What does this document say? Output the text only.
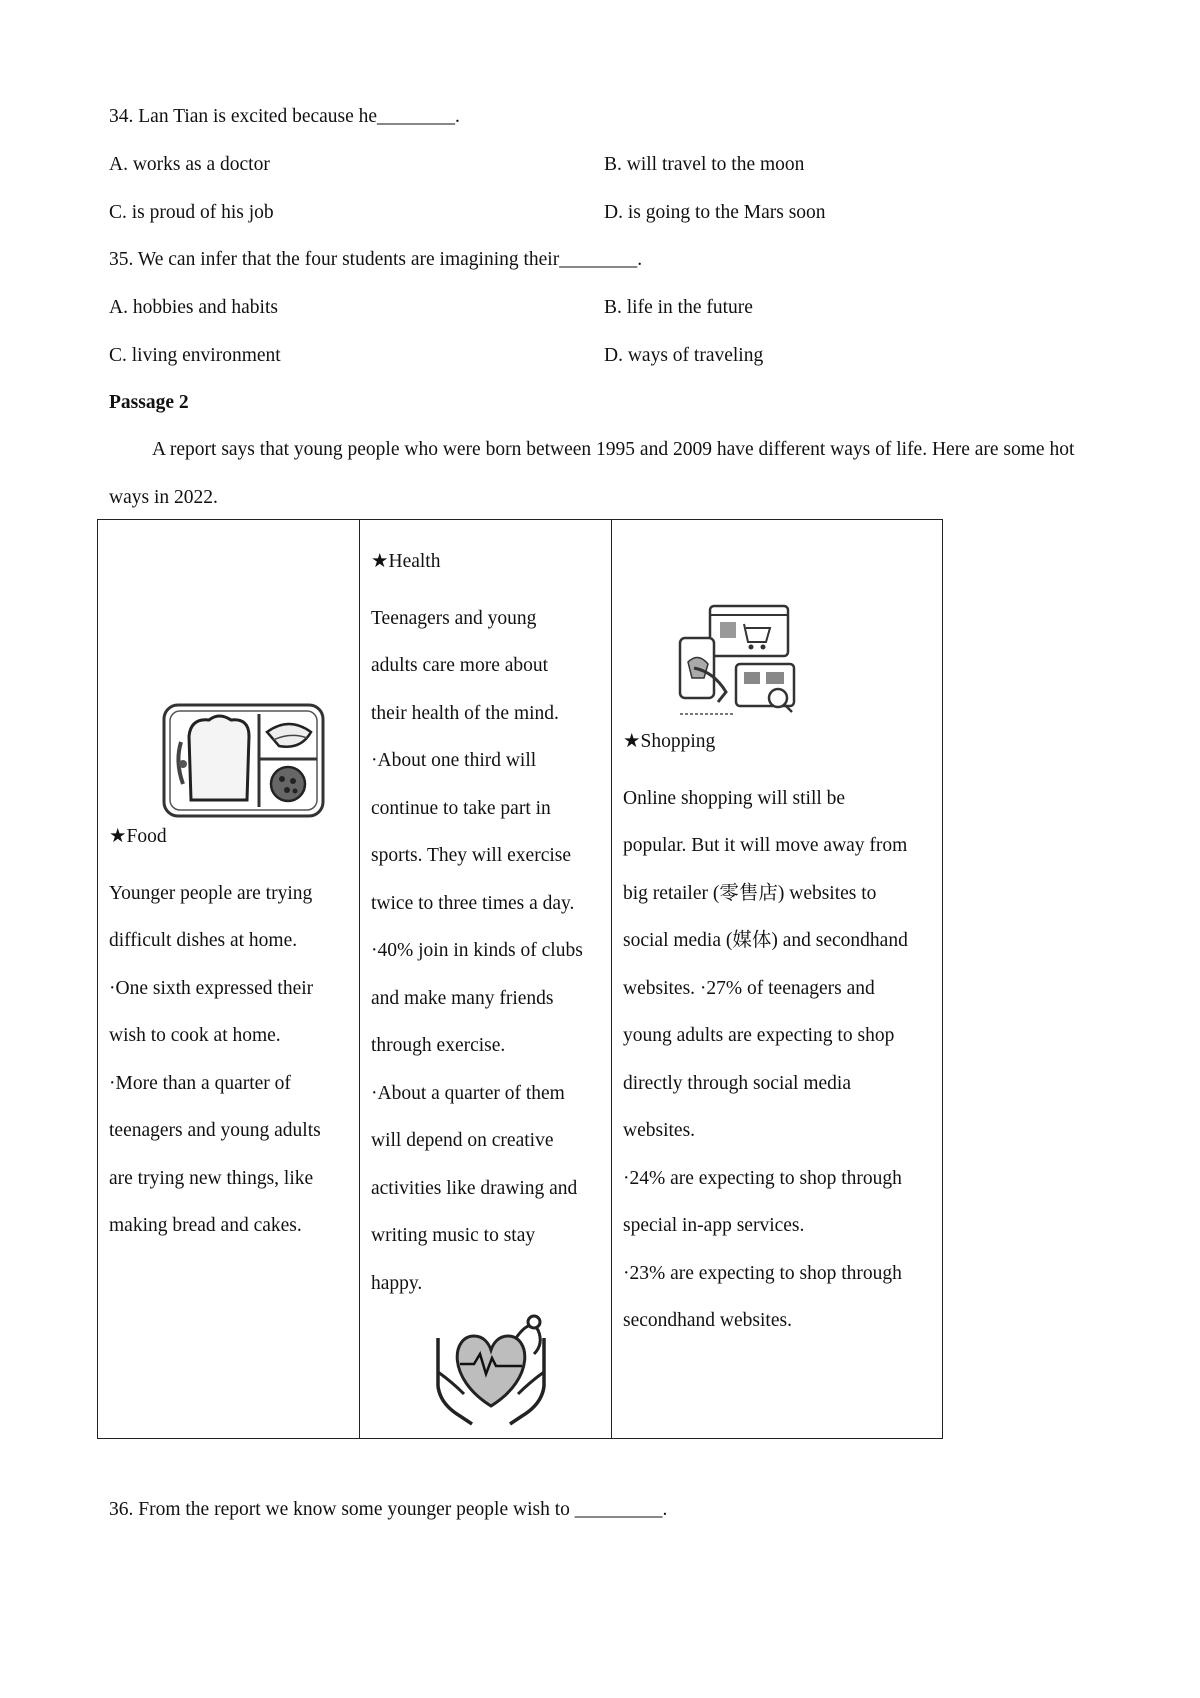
34. Lan Tian is excited because he________.
A. works as a doctor	B. will travel to the moon
C. is proud of his job	D. is going to the Mars soon
35. We can infer that the four students are imagining their________.
A. hobbies and habits	B. life in the future
C. living environment	D. ways of traveling
Passage 2
A report says that young people who were born between 1995 and 2009 have different ways of life. Here are some hot ways in 2022.
★Food
Younger people are trying
difficult dishes at home.
·One sixth expressed their
wish to cook at home.
·More than a quarter of
teenagers and young adults
are trying new things, like
making bread and cakes.

★Health
Teenagers and young
adults care more about
their health of the mind.
·About one third will
continue to take part in
sports. They will exercise
twice to three times a day.
·40% join in kinds of clubs
and make many friends
through exercise.
·About a quarter of them
will depend on creative
activities like drawing and
writing music to stay
happy.

★Shopping
Online shopping will still be
popular. But it will move away from
big retailer (零售店) websites to
social media (媒体) and secondhand
websites. ·27% of teenagers and
young adults are expecting to shop
directly through social media
websites.
·24% are expecting to shop through
special in-app services.
·23% are expecting to shop through
secondhand websites.
36. From the report we know some younger people wish to _________.
